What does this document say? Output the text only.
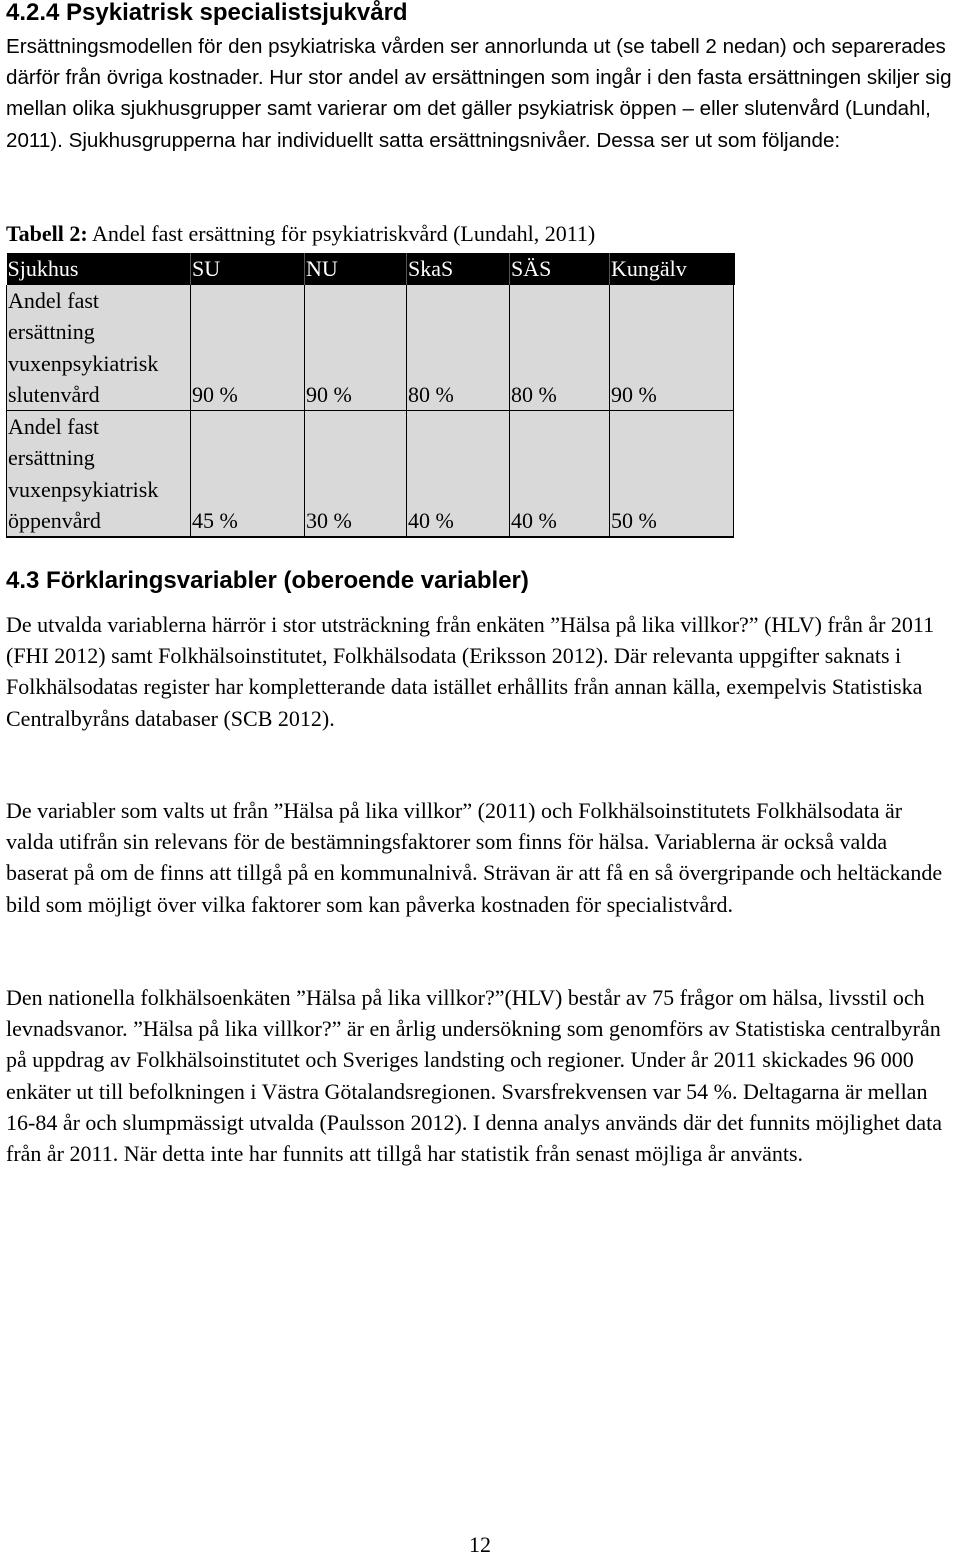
4.2.4 Psykiatrisk specialistsjukvård

Ersättningsmodellen för den psykiatriska vården ser annorlunda ut (se tabell 2 nedan) och separerades därför från övriga kostnader. Hur stor andel av ersättningen som ingår i den fasta ersättningen skiljer sig mellan olika sjukhusgrupper samt varierar om det gäller psykiatrisk öppen – eller slutenvård (Lundahl, 2011). Sjukhusgrupperna har individuellt satta ersättningsnivåer. Dessa ser ut som följande:

Tabell 2: Andel fast ersättning för psykiatriskvård (Lundahl, 2011)

Sjukhus	SU	NU	SkaS	SÄS	Kungälv

Andel fast
ersättning
vuxenpsykiatrisk
slutenvård	90 %	90 %	80 %	80 %	90 %

Andel fast
ersättning
vuxenpsykiatrisk
öppenvård	45 %	30 %	40 %	40 %	50 %
4.3 Förklaringsvariabler (oberoende variabler)

De utvalda variablerna härrör i stor utsträckning från enkäten ”Hälsa på lika villkor?” (HLV) från år 2011 (FHI 2012) samt Folkhälsoinstitutet, Folkhälsodata (Eriksson 2012). Där relevanta uppgifter saknats i Folkhälsodatas register har kompletterande data istället erhållits från annan källa, exempelvis Statistiska Centralbyråns databaser (SCB 2012).

De variabler som valts ut från ”Hälsa på lika villkor” (2011) och Folkhälsoinstitutets Folkhälsodata är valda utifrån sin relevans för de bestämningsfaktorer som finns för hälsa. Variablerna är också valda baserat på om de finns att tillgå på en kommunalnivå. Strävan är att få en så övergripande och heltäckande bild som möjligt över vilka faktorer som kan påverka kostnaden för specialistvård.

Den nationella folkhälsoenkäten ”Hälsa på lika villkor?”(HLV) består av 75 frågor om hälsa, livsstil och levnadsvanor. ”Hälsa på lika villkor?” är en årlig undersökning som genomförs av Statistiska centralbyrån på uppdrag av Folkhälsoinstitutet och Sveriges landsting och regioner. Under år 2011 skickades 96 000 enkäter ut till befolkningen i Västra Götalandsregionen. Svarsfrekvensen var 54 %. Deltagarna är mellan 16-84 år och slumpmässigt utvalda (Paulsson 2012). I denna analys används där det funnits möjlighet data från år 2011. När detta inte har funnits att tillgå har statistik från senast möjliga år använts.

12
